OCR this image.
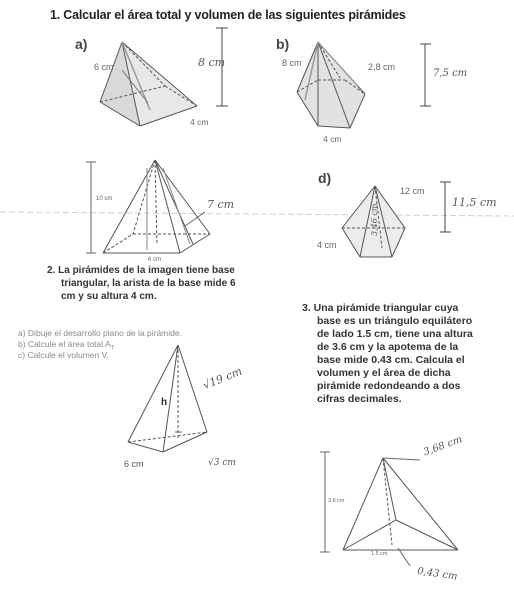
1. Calcular el área total y volumen de las siguientes pirámides
a)
6 cm	8 cm
4 cm
b)
8 cm	2,8 cm
7,5 cm
4 cm
10 cm	7 cm
6 cm
d)
12 cm
11,5 cm
4 cm
3,46 cm
2. La pirámides de la imagen tiene base
triangular, la arista de la base mide 6
cm y su altura 4 cm.
a) Dibuje el desarrollo plano de la pirámide.
b) Calcule el área total $A_T$
c) Calcule el volumen V.
h
√19 cm
6 cm	√3 cm
3. Una pirámide triangular cuya
base es un triángulo equilátero
de lado 1.5 cm, tiene una altura
de 3.6 cm y la apotema de la
base mide 0.43 cm. Calcula el
volumen y el área de dicha
pirámide redondeando a dos
cifras decimales.
3,68 cm
3.6 cm
1.5 cm
0,43 cm
